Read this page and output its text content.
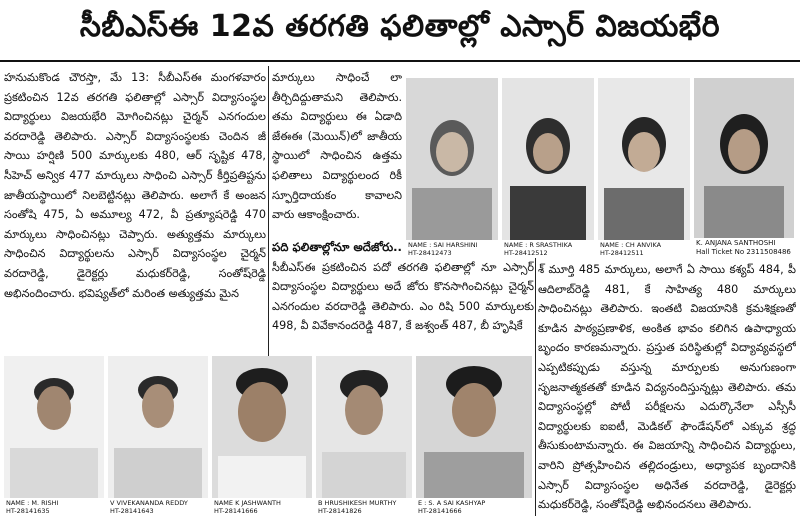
సీబీఎస్ఈ 12వ తరగతి ఫలితాల్లో ఎస్సార్ విజయభేరి

హనుమకొండ చౌరస్తా, మే 13: సీబీఎస్ఈ మంగళవారం ప్రకటించిన 12వ తరగతి ఫలితాల్లో ఎస్సార్ విద్యాసంస్థల విద్యార్థులు విజయభేరి మోగించినట్లు చైర్మన్ ఎనగందుల వరదారెడ్డి తెలిపారు. ఎస్సార్ విద్యాసంస్థలకు చెందిన జీ సాయి హర్షిణి 500 మార్కులకు 480, ఆర్ సృష్టిక 478, సీహెచ్ అన్విక 477 మార్కులు సాధించి ఎస్సార్ కీర్తిప్రతిష్టను జాతీయస్థాయిలో నిలబెట్టినట్లు తెలిపారు. అలాగే కే అంజన సంతోషి 475, ఏ అమూల్య 472, వీ ప్రత్యూషరెడ్డి 470 మార్కులు సాధించినట్లు చెప్పారు. అత్యుత్తమ మార్కులు సాధించిన విద్యార్థులను ఎస్సార్ విద్యాసంస్థల చైర్మన్ వరదారెడ్డి, డైరెక్టర్లు మధుకర్‌రెడ్డి, సంతోష్‌రెడ్డి అభినందించారు. భవిష్యత్‌లో మరింత అత్యుత్తమ మైన

మార్కులు సాధించే లా తీర్చిదిద్దుతామని తెలిపారు. తమ విద్యార్థులు ఈ ఏడాది జేఈఈ (మెయిన్)లో జాతీయ స్థాయిలో సాధించిన ఉత్తమ ఫలితాలు విద్యార్థులంద రికీ స్ఫూర్తిదాయకం కావాలని వారు ఆకాంక్షించారు.

పది ఫలితాల్లోనూ అదేజోరు..

సీబీఎస్ఈ ప్రకటించిన పదో తరగతి ఫలితాల్లో నూ ఎస్సార్ విద్యాసంస్థల విద్యార్థులు అదే జోరు కొనసాగించినట్లు చైర్మన్ ఎనగందుల వరదారెడ్డి తెలిపారు. ఎం రిషి 500 మార్కులకు 498, వీ వివేకానందరెడ్డి 487, కే జశ్వంత్ 487, బీ హృషికే

శ్ మూర్తి 485 మార్కులు, అలాగే ఏ సాయి కశ్యప్ 484, పీ ఆదిలాబ్‌రెడ్డి 481, కే సాహిత్య 480 మార్కులు సాధించినట్లు తెలిపారు. ఇంతటి విజయానికి క్రమశిక్షణతో కూడిన పాఠ్యప్రణాళిక, అంకిత భావం కలిగిన ఉపాధ్యాయ బృందం కారణమన్నారు. ప్రస్తుత పరిస్థితుల్లో విద్యావ్యవస్థలో ఎప్పటికప్పుడు వస్తున్న మార్పులకు అనుగుణంగా సృజనాత్మకతతో కూడిన విద్యనందిస్తున్నట్లు తెలిపారు. తమ విద్యాసంస్థల్లో పోటీ పరీక్షలను ఎదుర్కొనేలా ఎస్సీసీ విద్యార్థులకు ఐఐటీ, మెడికల్ ఫౌండేషన్‌లో ఎక్కువ శ్రద్ధ తీసుకుంటామన్నారు. ఈ విజయాన్ని సాధించిన విద్యార్థులు, వారిని ప్రోత్సహించిన తల్లిదండ్రులు, అధ్యాపక బృందానికి ఎస్సార్ విద్యాసంస్థల అధినేత వరదారెడ్డి, డైరెక్టర్లు మధుకర్‌రెడ్డి, సంతోష్‌రెడ్డి అభినందనలు తెలిపారు.

NAME : SAI HARSHINI
HT-28412473
NAME : R SRASTHIKA
HT-28412512
NAME : CH ANVIKA
HT-28412511
K. ANJANA SANTHOSHI
Hall Ticket No 2311508486
NAME : M. RISHI
HT-28141635
V VIVEKANANDA REDDY
HT-28141643
NAME K JASHWANTH
HT-28141666
B HRUSHIKESH MURTHY
HT-28141826
E : S. A SAI KASHYAP
HT-28141666
